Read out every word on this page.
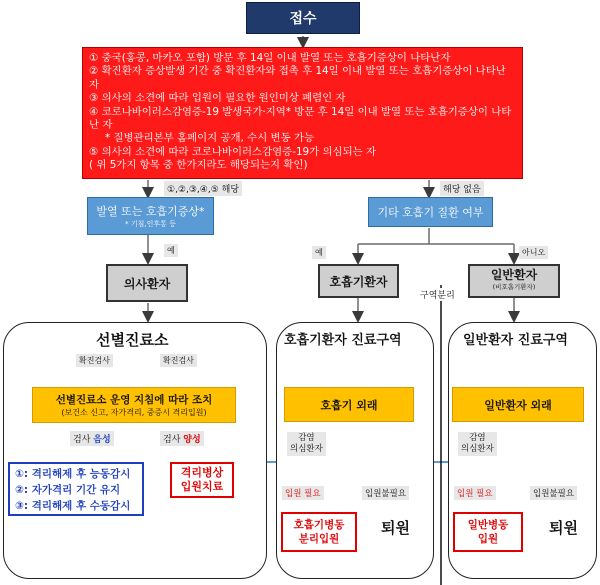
접수
① 중국(홍콩, 마카오 포함) 방문 후 14일 이내 발열 또는 호흡기증상이 나타난자
② 확진환자 증상발생 기간 중 확진환자와 접촉 후 14일 이내 발열 또는 호흡기증상이 나타난 자
③ 의사의 소견에 따라 입원이 필요한 원인미상 폐렴인 자
④ 코로나바이러스감염증-19 발생국가·지역* 방문 후 14일 이내 발열 또는 호흡기증상이 나타난 자
* 질병관리본부 홈페이지 공개, 수시 변동 가능
⑤ 의사의 소견에 따라 코로나바이러스감염증-19가 의심되는 자
( 위 5가지 항목 중 한가지라도 해당되는지 확인)
①,②,③,④,⑤ 해당	해당 없음
발열 또는 호흡기증상*
* 기침,인후통 등
기타 호흡기 질환 여부
예	예	아니오
의사환자	호흡기환자	일반환자
(비호흡기환자)
구역분리
선별진료소
확진검사	확진검사
선별진료소 운영 지침에 따라 조치
(보건소 신고, 자가격리, 중증시 격리입원)
검사 음성	검사 양성
①: 격리해제 후 능동감시
②: 자가격리 기간 유지
③: 격리해제 후 수동감시
격리병상
입원치료
호흡기환자 진료구역
호흡기 외래
감염
의심환자
입원 필요	입원불필요
호흡기병동
분리입원
퇴원
일반환자 진료구역
일반환자 외래
감염
의심환자
입원 필요	입원불필요
일반병동
입원
퇴원
